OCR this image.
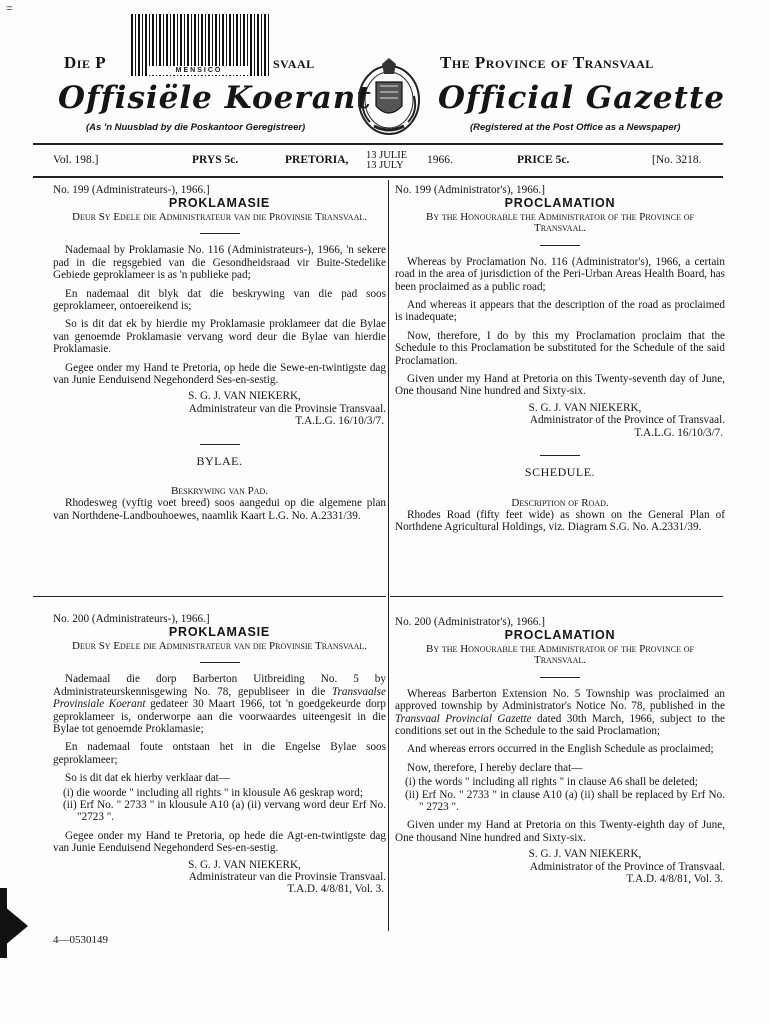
=
Die P	MENSICO	svaal
Offisiële Koerant
(As 'n Nuusblad by die Poskantoor Geregistreer)
The Province of Transvaal
Official Gazette
(Registered at the Post Office as a Newspaper)
Vol. 198.]	PRYS 5c.	PRETORIA, 13 JULIE
13 JULY 1966.	PRICE 5c.	[No. 3218.

No. 199 (Administrateurs-), 1966.]

PROKLAMASIE
Deur Sy Edele die Administrateur van die Provinsie Transvaal.

Nademaal by Proklamasie No. 116 (Administrateurs-), 1966, 'n sekere pad in die regsgebied van die Gesondheidsraad vir Buite-Stedelike Gebiede geproklameer is as 'n publieke pad;

En nademaal dit blyk dat die beskrywing van die pad soos geproklameer, ontoereikend is;

So is dit dat ek by hierdie my Proklamasie proklameer dat die Bylae van genoemde Proklamasie vervang word deur die Bylae van hierdie Proklamasie.

Gegee onder my Hand te Pretoria, op hede die Sewe-en-twintigste dag van Junie Eenduisend Negehonderd Ses-en-sestig.

S. G. J. VAN NIEKERK,
Administrateur van die Provinsie Transvaal.
T.A.L.G. 16/10/3/7.
BYLAE.
Beskrywing van Pad.

Rhodesweg (vyftig voet breed) soos aangedui op die algemene plan van Northdene-Landbouhoewes, naamlik Kaart L.G. No. A.2331/39.

No. 199 (Administrator's), 1966.]

PROCLAMATION
By the Honourable the Administrator of the Province of Transvaal.

Whereas by Proclamation No. 116 (Administrator's), 1966, a certain road in the area of jurisdiction of the Peri-Urban Areas Health Board, has been proclaimed as a public road;

And whereas it appears that the description of the road as proclaimed is inadequate;

Now, therefore, I do by this my Proclamation proclaim that the Schedule to this Proclamation be substituted for the Schedule of the said Proclamation.

Given under my Hand at Pretoria on this Twenty-seventh day of June, One thousand Nine hundred and Sixty-six.

S. G. J. VAN NIEKERK,
Administrator of the Province of Transvaal.
T.A.L.G. 16/10/3/7.
SCHEDULE.
Description of Road.

Rhodes Road (fifty feet wide) as shown on the General Plan of Northdene Agricultural Holdings, viz. Diagram S.G. No. A.2331/39.

No. 200 (Administrateurs-), 1966.]

PROKLAMASIE
Deur Sy Edele die Administrateur van die Provinsie Transvaal.

Nademaal die dorp Barberton Uitbreiding No. 5 by Administrateurskennisgewing No. 78, gepubliseer in die Transvaalse Provinsiale Koerant gedateer 30 Maart 1966, tot 'n goedgekeurde dorp geproklameer is, onderworpe aan die voorwaardes uiteengesit in die Bylae tot genoemde Proklamasie;

En nademaal foute ontstaan het in die Engelse Bylae soos geproklameer;

So is dit dat ek hierby verklaar dat—

(i) die woorde " including all rights " in klousule A6 geskrap word;
(ii) Erf No. " 2733 " in klousule A10 (a) (ii) vervang word deur Erf No. "2723 ".

Gegee onder my Hand te Pretoria, op hede die Agt-en-twintigste dag van Junie Eenduisend Negehonderd Ses-en-sestig.

S. G. J. VAN NIEKERK,
Administrateur van die Provinsie Transvaal.
T.A.D. 4/8/81, Vol. 3.

No. 200 (Administrator's), 1966.]

PROCLAMATION
By the Honourable the Administrator of the Province of Transvaal.

Whereas Barberton Extension No. 5 Township was proclaimed an approved township by Administrator's Notice No. 78, published in the Transvaal Provincial Gazette dated 30th March, 1966, subject to the conditions set out in the Schedule to the said Proclamation;

And whereas errors occurred in the English Schedule as proclaimed;

Now, therefore, I hereby declare that—

(i) the words " including all rights " in clause A6 shall be deleted;
(ii) Erf No. " 2733 " in clause A10 (a) (ii) shall be replaced by Erf No. " 2723 ".

Given under my Hand at Pretoria on this Twenty-eighth day of June, One thousand Nine hundred and Sixty-six.

S. G. J. VAN NIEKERK,
Administrator of the Province of Transvaal.
T.A.D. 4/8/81, Vol. 3.
4—0530149
